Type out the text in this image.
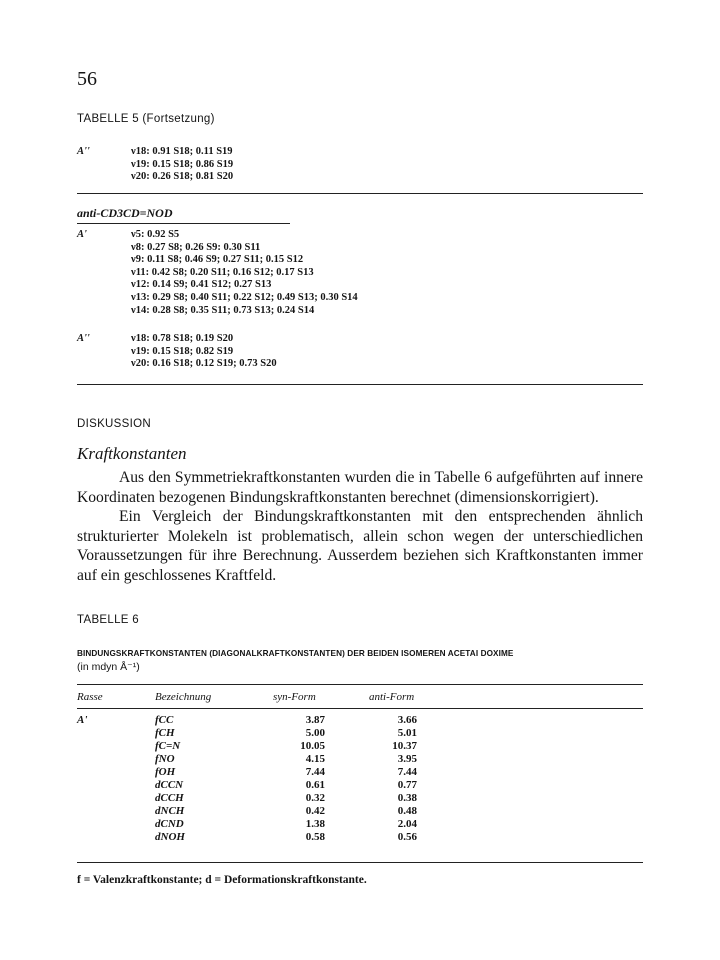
56
TABELLE 5 (Fortsetzung)
A''	ν18: 0.91 S18; 0.11 S19
ν19: 0.15 S18; 0.86 S19
ν20: 0.26 S18; 0.81 S20
anti-CD3CD=NOD
A'	ν5: 0.92 S5
ν8: 0.27 S8; 0.26 S9: 0.30 S11
ν9: 0.11 S8; 0.46 S9; 0.27 S11; 0.15 S12
ν11: 0.42 S8; 0.20 S11; 0.16 S12; 0.17 S13
ν12: 0.14 S9; 0.41 S12; 0.27 S13
ν13: 0.29 S8; 0.40 S11; 0.22 S12; 0.49 S13; 0.30 S14
ν14: 0.28 S8; 0.35 S11; 0.73 S13; 0.24 S14
A''	ν18: 0.78 S18; 0.19 S20
ν19: 0.15 S18; 0.82 S19
ν20: 0.16 S18; 0.12 S19; 0.73 S20
DISKUSSION
Kraftkonstanten

Aus den Symmetriekraftkonstanten wurden die in Tabelle 6 aufgeführten auf innere Koordinaten bezogenen Bindungskraftkonstanten berechnet (dimensionskorrigiert).

Ein Vergleich der Bindungskraftkonstanten mit den entsprechenden ähnlich strukturierter Molekeln ist problematisch, allein schon wegen der unterschiedlichen Voraussetzungen für ihre Berechnung. Ausserdem beziehen sich Kraftkonstanten immer auf ein geschlossenes Kraftfeld.

TABELLE 6
BINDUNGSKRAFTKONSTANTEN (DIAGONALKRAFTKONSTANTEN) DER BEIDEN ISOMEREN ACETAI DOXIME
(in mdyn Å⁻¹)
Rasse	Bezeichnung	syn-Form	anti-Form
A'	fCC	3.87	3.66
	fCH	5.00	5.01
	fC=N	10.05	10.37
	fNO	4.15	3.95
	fOH	7.44	7.44
	dCCN	0.61	0.77
	dCCH	0.32	0.38
	dNCH	0.42	0.48
	dCND	1.38	2.04
	dNOH	0.58	0.56
f = Valenzkraftkonstante; d = Deformationskraftkonstante.
